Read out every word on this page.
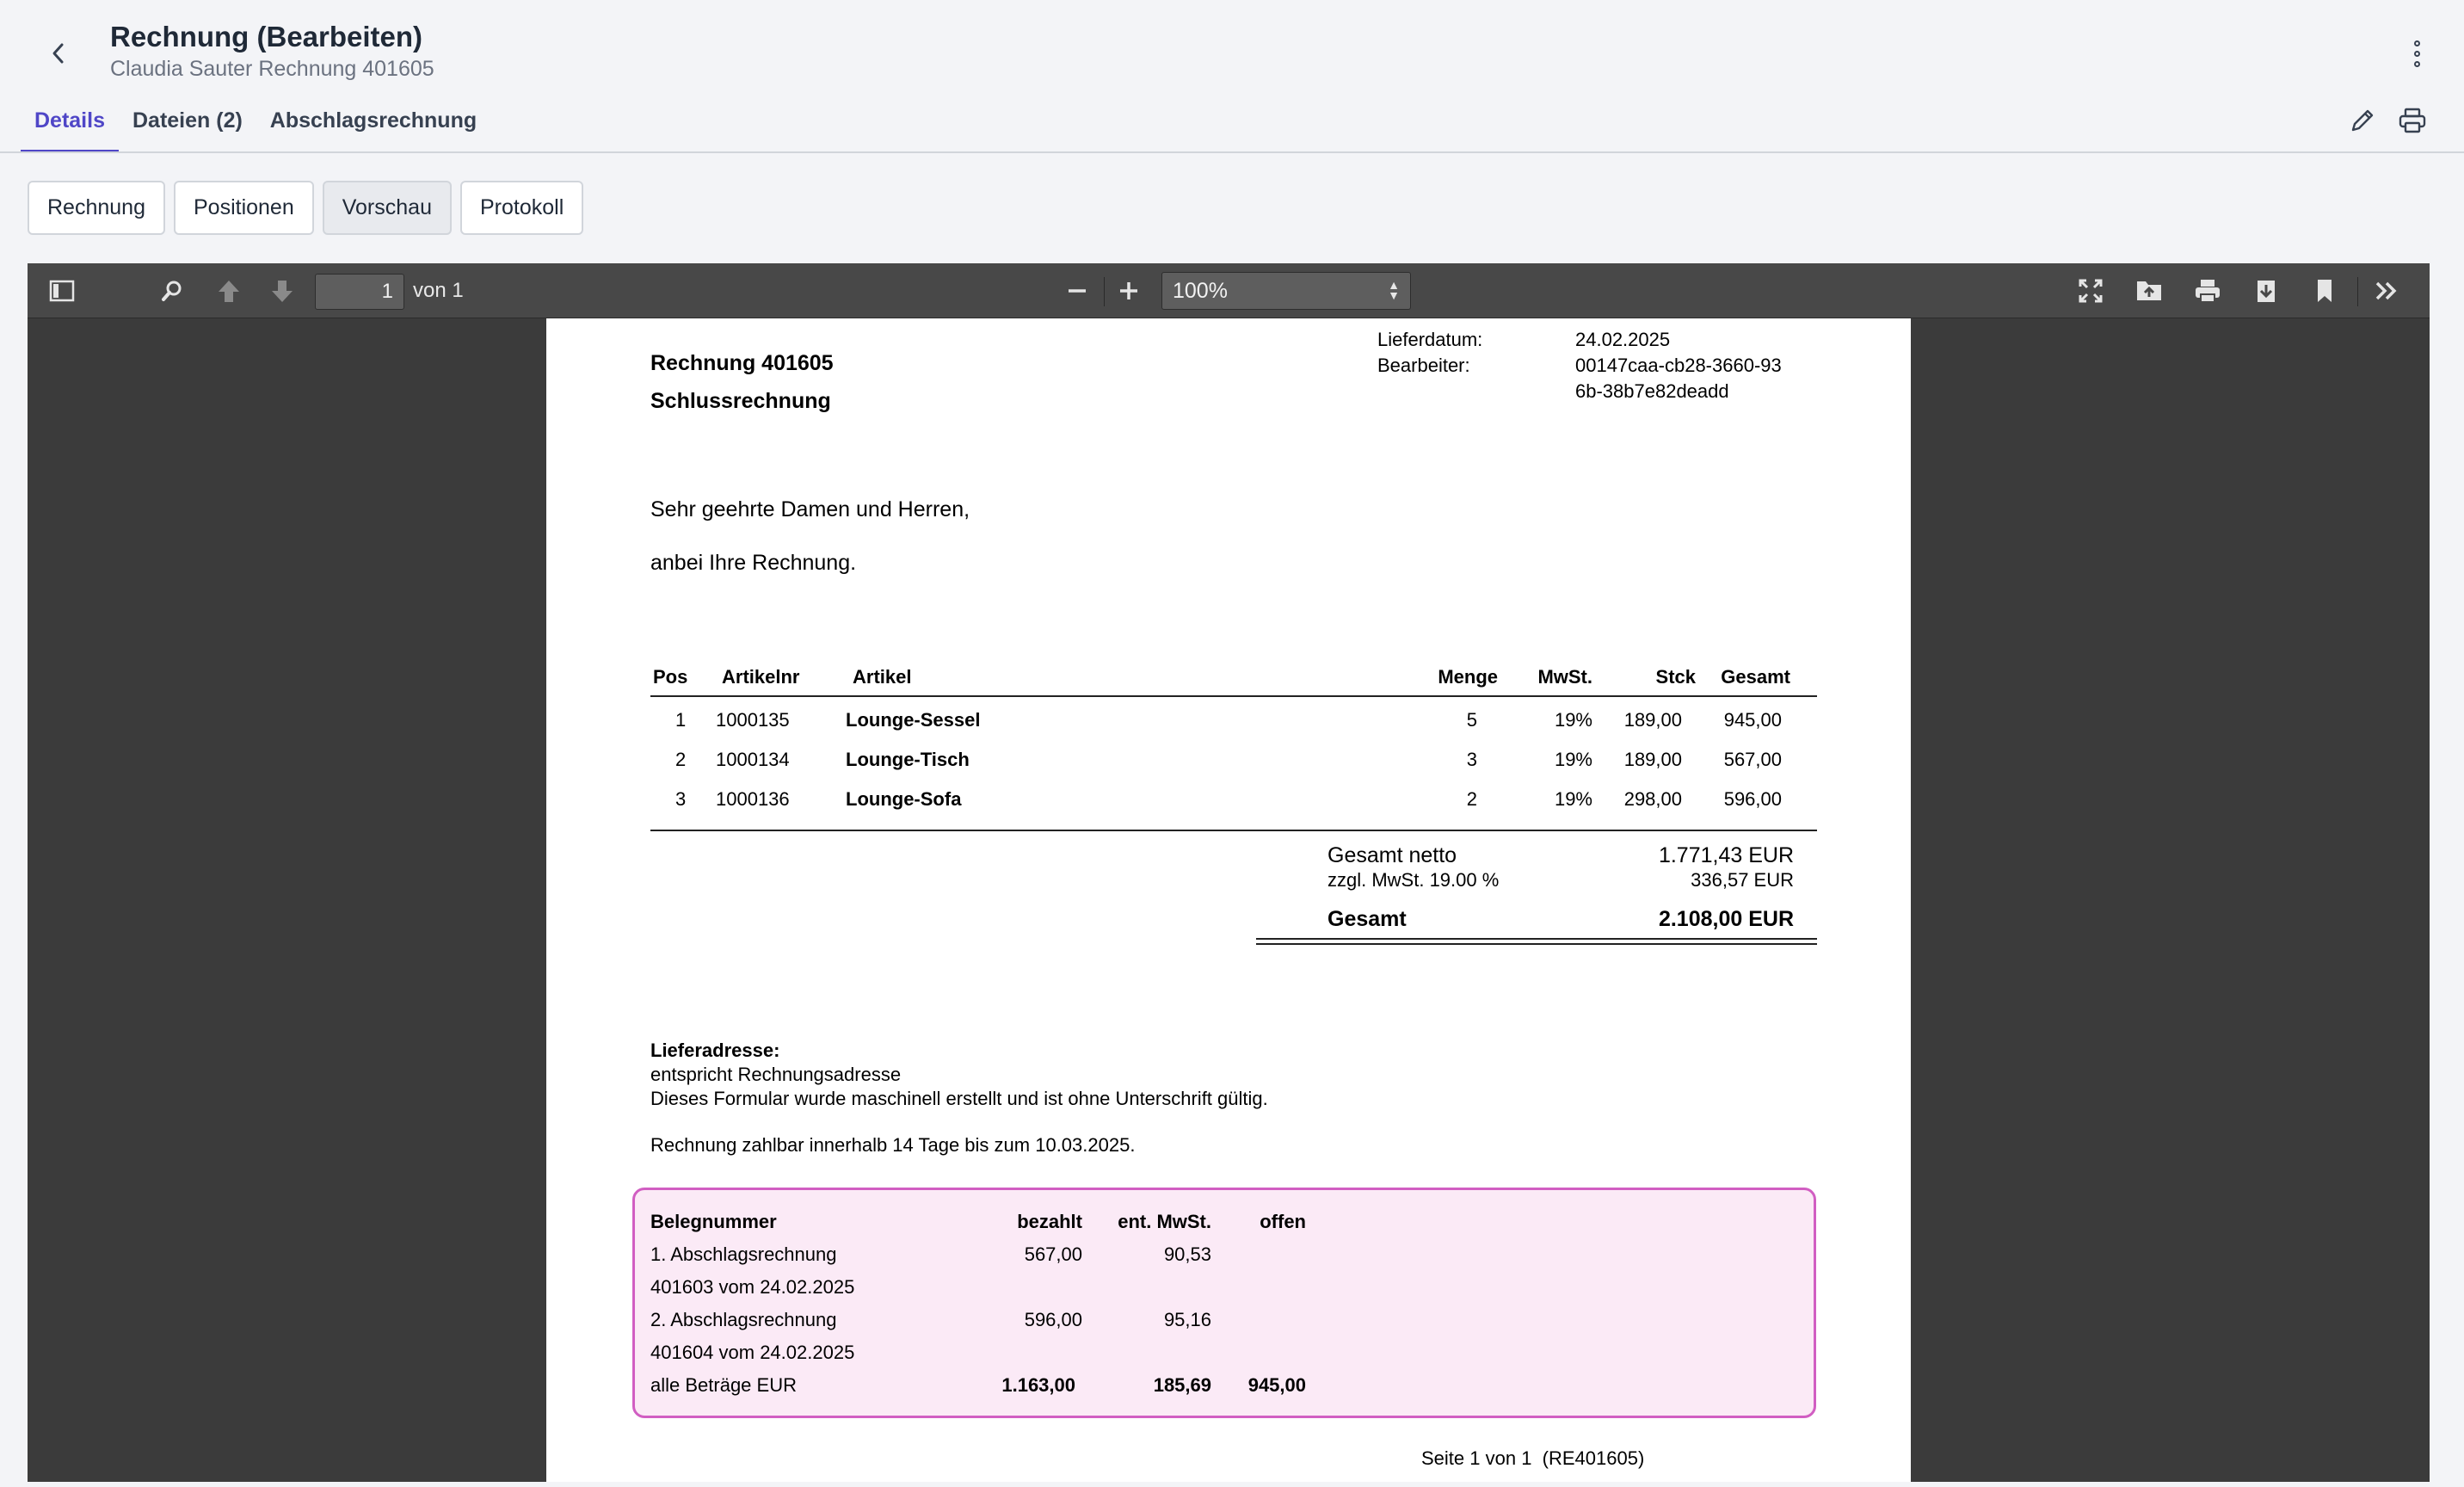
Rechnung (Bearbeiten)
Claudia Sauter Rechnung 401605
Details	Dateien (2)	Abschlagsrechnung
Rechnung	Positionen	Vorschau	Protokoll
1 von 1	100%	▲
▼
Lieferdatum:	24.02.2025
Bearbeiter:	00147caa-cb28-3660-93
6b-38b7e82deadd
Rechnung 401605
Schlussrechnung
Sehr geehrte Damen und Herren,
anbei Ihre Rechnung.
Pos Artikelnr	Artikel	Menge	MwSt.	Stck	Gesamt
1 1000135	Lounge-Sessel	5	19%	189,00	945,00
2 1000134	Lounge-Tisch	3	19%	189,00	567,00
3 1000136	Lounge-Sofa	2	19%	298,00	596,00
Gesamt netto	1.771,43 EUR
zzgl. MwSt. 19.00 %	336,57 EUR
Gesamt	2.108,00 EUR
Lieferadresse:
entspricht Rechnungsadresse
Dieses Formular wurde maschinell erstellt und ist ohne Unterschrift gültig.
Rechnung zahlbar innerhalb 14 Tage bis zum 10.03.2025.
Belegnummer	bezahlt	ent. MwSt.	offen
1. Abschlagsrechnung	567,00	90,53
401603 vom 24.02.2025
2. Abschlagsrechnung	596,00	95,16
401604 vom 24.02.2025
alle Beträge EUR	1.163,00	185,69	945,00
Seite 1 von 1  (RE401605)
